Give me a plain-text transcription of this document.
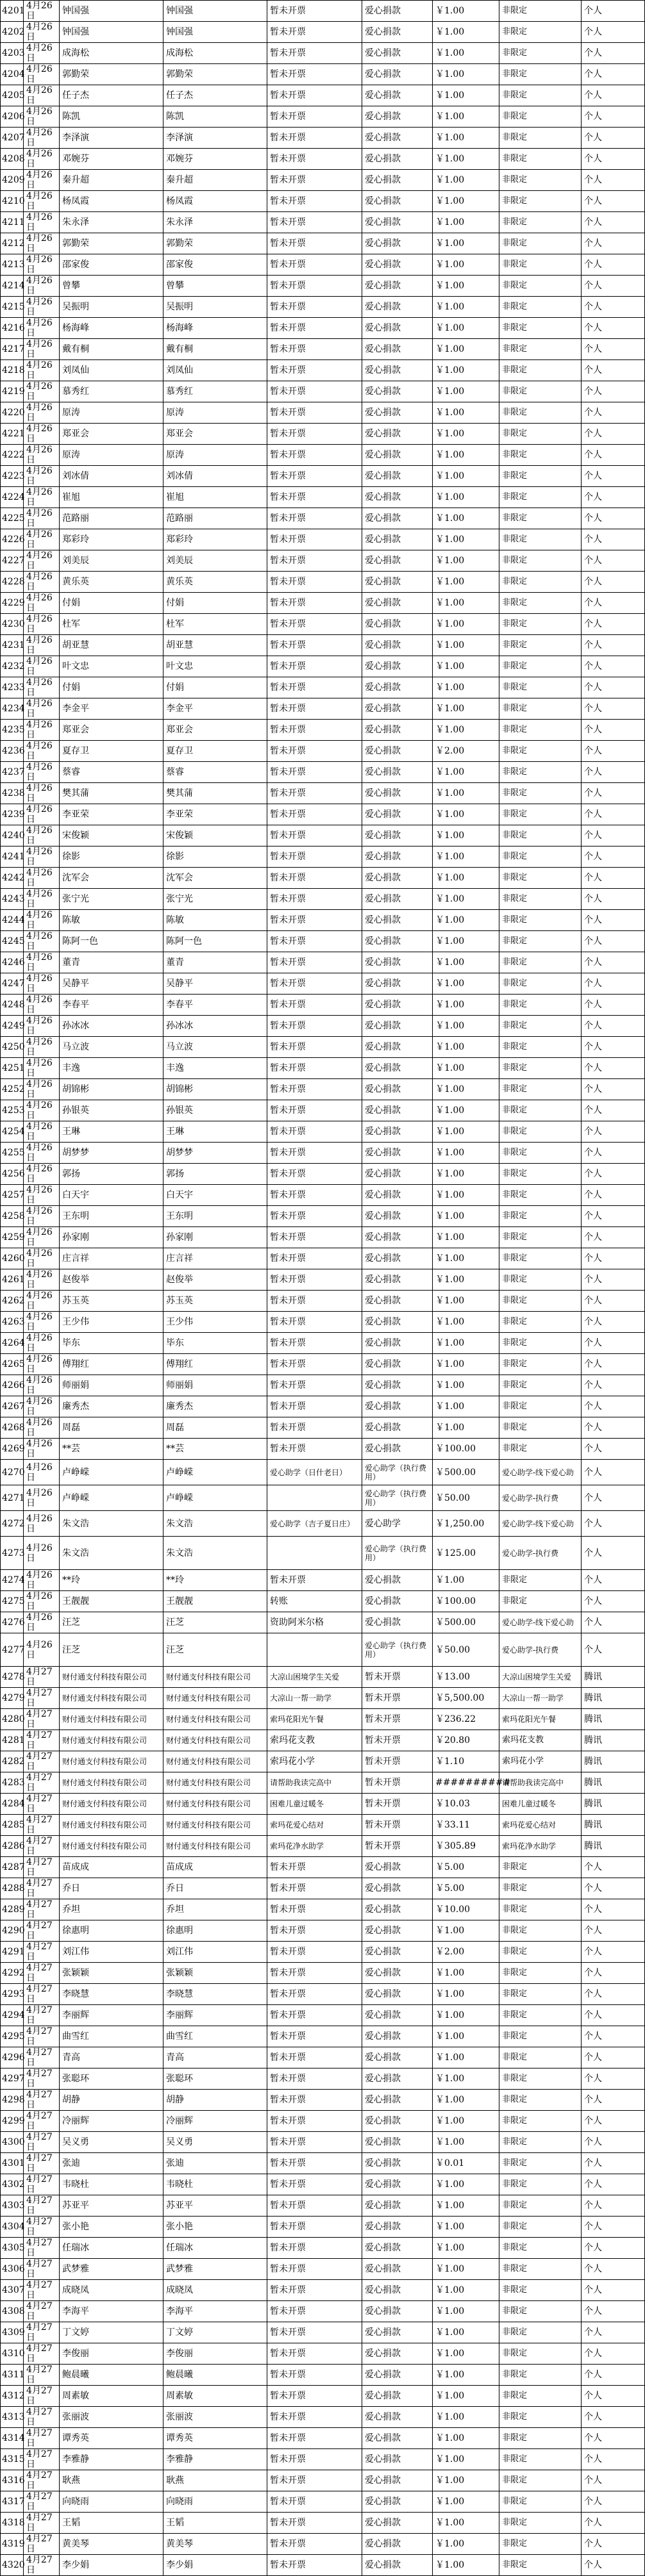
4201	4月26日	钟国强	钟国强	暂未开票	爱心捐款	￥1.00	非限定	个人
4202	4月26日	钟国强	钟国强	暂未开票	爱心捐款	￥1.00	非限定	个人
4203	4月26日	成海松	成海松	暂未开票	爱心捐款	￥1.00	非限定	个人
4204	4月26日	郭勤荣	郭勤荣	暂未开票	爱心捐款	￥1.00	非限定	个人
4205	4月26日	任子杰	任子杰	暂未开票	爱心捐款	￥1.00	非限定	个人
4206	4月26日	陈凯	陈凯	暂未开票	爱心捐款	￥1.00	非限定	个人
4207	4月26日	李泽演	李泽演	暂未开票	爱心捐款	￥1.00	非限定	个人
4208	4月26日	邓婉芬	邓婉芬	暂未开票	爱心捐款	￥1.00	非限定	个人
4209	4月26日	秦升超	秦升超	暂未开票	爱心捐款	￥1.00	非限定	个人
4210	4月26日	杨凤霞	杨凤霞	暂未开票	爱心捐款	￥1.00	非限定	个人
4211	4月26日	朱永泽	朱永泽	暂未开票	爱心捐款	￥1.00	非限定	个人
4212	4月26日	郭勤荣	郭勤荣	暂未开票	爱心捐款	￥1.00	非限定	个人
4213	4月26日	邵家俊	邵家俊	暂未开票	爱心捐款	￥1.00	非限定	个人
4214	4月26日	曾攀	曾攀	暂未开票	爱心捐款	￥1.00	非限定	个人
4215	4月26日	吴振明	吴振明	暂未开票	爱心捐款	￥1.00	非限定	个人
4216	4月26日	杨海峰	杨海峰	暂未开票	爱心捐款	￥1.00	非限定	个人
4217	4月26日	戴有桐	戴有桐	暂未开票	爱心捐款	￥1.00	非限定	个人
4218	4月26日	刘凤仙	刘凤仙	暂未开票	爱心捐款	￥1.00	非限定	个人
4219	4月26日	慕秀红	慕秀红	暂未开票	爱心捐款	￥1.00	非限定	个人
4220	4月26日	原涛	原涛	暂未开票	爱心捐款	￥1.00	非限定	个人
4221	4月26日	郑亚会	郑亚会	暂未开票	爱心捐款	￥1.00	非限定	个人
4222	4月26日	原涛	原涛	暂未开票	爱心捐款	￥1.00	非限定	个人
4223	4月26日	刘冰倩	刘冰倩	暂未开票	爱心捐款	￥1.00	非限定	个人
4224	4月26日	崔旭	崔旭	暂未开票	爱心捐款	￥1.00	非限定	个人
4225	4月26日	范路丽	范路丽	暂未开票	爱心捐款	￥1.00	非限定	个人
4226	4月26日	郑彩玲	郑彩玲	暂未开票	爱心捐款	￥1.00	非限定	个人
4227	4月26日	刘美辰	刘美辰	暂未开票	爱心捐款	￥1.00	非限定	个人
4228	4月26日	黄乐英	黄乐英	暂未开票	爱心捐款	￥1.00	非限定	个人
4229	4月26日	付娟	付娟	暂未开票	爱心捐款	￥1.00	非限定	个人
4230	4月26日	杜军	杜军	暂未开票	爱心捐款	￥1.00	非限定	个人
4231	4月26日	胡亚慧	胡亚慧	暂未开票	爱心捐款	￥1.00	非限定	个人
4232	4月26日	叶文忠	叶文忠	暂未开票	爱心捐款	￥1.00	非限定	个人
4233	4月26日	付娟	付娟	暂未开票	爱心捐款	￥1.00	非限定	个人
4234	4月26日	李金平	李金平	暂未开票	爱心捐款	￥1.00	非限定	个人
4235	4月26日	郑亚会	郑亚会	暂未开票	爱心捐款	￥1.00	非限定	个人
4236	4月26日	夏存卫	夏存卫	暂未开票	爱心捐款	￥2.00	非限定	个人
4237	4月26日	蔡睿	蔡睿	暂未开票	爱心捐款	￥1.00	非限定	个人
4238	4月26日	樊其蒲	樊其蒲	暂未开票	爱心捐款	￥1.00	非限定	个人
4239	4月26日	李亚荣	李亚荣	暂未开票	爱心捐款	￥1.00	非限定	个人
4240	4月26日	宋俊颖	宋俊颖	暂未开票	爱心捐款	￥1.00	非限定	个人
4241	4月26日	徐影	徐影	暂未开票	爱心捐款	￥1.00	非限定	个人
4242	4月26日	沈军会	沈军会	暂未开票	爱心捐款	￥1.00	非限定	个人
4243	4月26日	张宁光	张宁光	暂未开票	爱心捐款	￥1.00	非限定	个人
4244	4月26日	陈敏	陈敏	暂未开票	爱心捐款	￥1.00	非限定	个人
4245	4月26日	陈阿一色	陈阿一色	暂未开票	爱心捐款	￥1.00	非限定	个人
4246	4月26日	董青	董青	暂未开票	爱心捐款	￥1.00	非限定	个人
4247	4月26日	吴静平	吴静平	暂未开票	爱心捐款	￥1.00	非限定	个人
4248	4月26日	李春平	李春平	暂未开票	爱心捐款	￥1.00	非限定	个人
4249	4月26日	孙冰冰	孙冰冰	暂未开票	爱心捐款	￥1.00	非限定	个人
4250	4月26日	马立波	马立波	暂未开票	爱心捐款	￥1.00	非限定	个人
4251	4月26日	丰逸	丰逸	暂未开票	爱心捐款	￥1.00	非限定	个人
4252	4月26日	胡锦彬	胡锦彬	暂未开票	爱心捐款	￥1.00	非限定	个人
4253	4月26日	孙银英	孙银英	暂未开票	爱心捐款	￥1.00	非限定	个人
4254	4月26日	王琳	王琳	暂未开票	爱心捐款	￥1.00	非限定	个人
4255	4月26日	胡梦梦	胡梦梦	暂未开票	爱心捐款	￥1.00	非限定	个人
4256	4月26日	郭扬	郭扬	暂未开票	爱心捐款	￥1.00	非限定	个人
4257	4月26日	白天宇	白天宇	暂未开票	爱心捐款	￥1.00	非限定	个人
4258	4月26日	王东明	王东明	暂未开票	爱心捐款	￥1.00	非限定	个人
4259	4月26日	孙家刚	孙家刚	暂未开票	爱心捐款	￥1.00	非限定	个人
4260	4月26日	庄言祥	庄言祥	暂未开票	爱心捐款	￥1.00	非限定	个人
4261	4月26日	赵俊举	赵俊举	暂未开票	爱心捐款	￥1.00	非限定	个人
4262	4月26日	苏玉英	苏玉英	暂未开票	爱心捐款	￥1.00	非限定	个人
4263	4月26日	王少伟	王少伟	暂未开票	爱心捐款	￥1.00	非限定	个人
4264	4月26日	毕东	毕东	暂未开票	爱心捐款	￥1.00	非限定	个人
4265	4月26日	傅翔红	傅翔红	暂未开票	爱心捐款	￥1.00	非限定	个人
4266	4月26日	师丽娟	师丽娟	暂未开票	爱心捐款	￥1.00	非限定	个人
4267	4月26日	廉秀杰	廉秀杰	暂未开票	爱心捐款	￥1.00	非限定	个人
4268	4月26日	周磊	周磊	暂未开票	爱心捐款	￥1.00	非限定	个人
4269	4月26日	**芸	**芸	暂未开票	爱心捐款	￥100.00	非限定	个人
4270	4月26日	卢峥嵘	卢峥嵘	爱心助学（日什老日）	爱心助学（执行费用）	￥500.00	爱心助学-线下爱心助	个人
4271	4月26日	卢峥嵘	卢峥嵘		爱心助学（执行费用）	￥50.00	爱心助学-执行费	个人
4272	4月26日	朱文浩	朱文浩	爱心助学（吉子夏日庄）	爱心助学	￥1,250.00	爱心助学-线下爱心助	个人
4273	4月26日	朱文浩	朱文浩		爱心助学（执行费用）	￥125.00	爱心助学-执行费	个人
4274	4月26日	**玲	**玲	暂未开票	爱心捐款	￥1.00	非限定	个人
4275	4月26日	王靓靓	王靓靓	转账	爱心捐款	￥100.00	非限定	个人
4276	4月26日	汪芝	汪芝	资助阿米尔格	爱心捐款	￥500.00	爱心助学-线下爱心助	个人
4277	4月26日	汪芝	汪芝		爱心助学（执行费用）	￥50.00	爱心助学-执行费	个人
4278	4月27日	财付通支付科技有限公司	财付通支付科技有限公司	大凉山困境学生关爱	暂未开票	￥13.00	大凉山困境学生关爱	腾讯
4279	4月27日	财付通支付科技有限公司	财付通支付科技有限公司	大凉山一帮一助学	暂未开票	￥5,500.00	大凉山一帮一助学	腾讯
4280	4月27日	财付通支付科技有限公司	财付通支付科技有限公司	索玛花阳光午餐	暂未开票	￥236.22	索玛花阳光午餐	腾讯
4281	4月27日	财付通支付科技有限公司	财付通支付科技有限公司	索玛花支教	暂未开票	￥20.80	索玛花支教	腾讯
4282	4月27日	财付通支付科技有限公司	财付通支付科技有限公司	索玛花小学	暂未开票	￥1.10	索玛花小学	腾讯
4283	4月27日	财付通支付科技有限公司	财付通支付科技有限公司	请帮助我读完高中	暂未开票	##########	请帮助我读完高中	腾讯
4284	4月27日	财付通支付科技有限公司	财付通支付科技有限公司	困难儿童过暖冬	暂未开票	￥10.03	困难儿童过暖冬	腾讯
4285	4月27日	财付通支付科技有限公司	财付通支付科技有限公司	索玛花爱心结对	暂未开票	￥33.11	索玛花爱心结对	腾讯
4286	4月27日	财付通支付科技有限公司	财付通支付科技有限公司	索玛花净水助学	暂未开票	￥305.89	索玛花净水助学	腾讯
4287	4月27日	苗成成	苗成成	暂未开票	爱心捐款	￥5.00	非限定	个人
4288	4月27日	乔日	乔日	暂未开票	爱心捐款	￥5.00	非限定	个人
4289	4月27日	乔坦	乔坦	暂未开票	爱心捐款	￥10.00	非限定	个人
4290	4月27日	徐惠明	徐惠明	暂未开票	爱心捐款	￥1.00	非限定	个人
4291	4月27日	刘江伟	刘江伟	暂未开票	爱心捐款	￥2.00	非限定	个人
4292	4月27日	张颖颖	张颖颖	暂未开票	爱心捐款	￥1.00	非限定	个人
4293	4月27日	李晓慧	李晓慧	暂未开票	爱心捐款	￥1.00	非限定	个人
4294	4月27日	李丽辉	李丽辉	暂未开票	爱心捐款	￥1.00	非限定	个人
4295	4月27日	曲雪红	曲雪红	暂未开票	爱心捐款	￥1.00	非限定	个人
4296	4月27日	青高	青高	暂未开票	爱心捐款	￥1.00	非限定	个人
4297	4月27日	张聪环	张聪环	暂未开票	爱心捐款	￥1.00	非限定	个人
4298	4月27日	胡静	胡静	暂未开票	爱心捐款	￥1.00	非限定	个人
4299	4月27日	冷丽辉	冷丽辉	暂未开票	爱心捐款	￥1.00	非限定	个人
4300	4月27日	吴义勇	吴义勇	暂未开票	爱心捐款	￥1.00	非限定	个人
4301	4月27日	张迪	张迪	暂未开票	爱心捐款	￥0.01	非限定	个人
4302	4月27日	韦晓杜	韦晓杜	暂未开票	爱心捐款	￥1.00	非限定	个人
4303	4月27日	苏亚平	苏亚平	暂未开票	爱心捐款	￥1.00	非限定	个人
4304	4月27日	张小艳	张小艳	暂未开票	爱心捐款	￥1.00	非限定	个人
4305	4月27日	任瑞冰	任瑞冰	暂未开票	爱心捐款	￥1.00	非限定	个人
4306	4月27日	武梦雅	武梦雅	暂未开票	爱心捐款	￥1.00	非限定	个人
4307	4月27日	成晓凤	成晓凤	暂未开票	爱心捐款	￥1.00	非限定	个人
4308	4月27日	李海平	李海平	暂未开票	爱心捐款	￥1.00	非限定	个人
4309	4月27日	丁文婷	丁文婷	暂未开票	爱心捐款	￥1.00	非限定	个人
4310	4月27日	李俊丽	李俊丽	暂未开票	爱心捐款	￥1.00	非限定	个人
4311	4月27日	鲍晨曦	鲍晨曦	暂未开票	爱心捐款	￥1.00	非限定	个人
4312	4月27日	周素敏	周素敏	暂未开票	爱心捐款	￥1.00	非限定	个人
4313	4月27日	张丽波	张丽波	暂未开票	爱心捐款	￥1.00	非限定	个人
4314	4月27日	谭秀英	谭秀英	暂未开票	爱心捐款	￥1.00	非限定	个人
4315	4月27日	李雅静	李雅静	暂未开票	爱心捐款	￥1.00	非限定	个人
4316	4月27日	耿燕	耿燕	暂未开票	爱心捐款	￥1.00	非限定	个人
4317	4月27日	向晓雨	向晓雨	暂未开票	爱心捐款	￥1.00	非限定	个人
4318	4月27日	王韬	王韬	暂未开票	爱心捐款	￥1.00	非限定	个人
4319	4月27日	黄美琴	黄美琴	暂未开票	爱心捐款	￥1.00	非限定	个人
4320	4月27日	李少娟	李少娟	暂未开票	爱心捐款	￥1.00	非限定	个人
